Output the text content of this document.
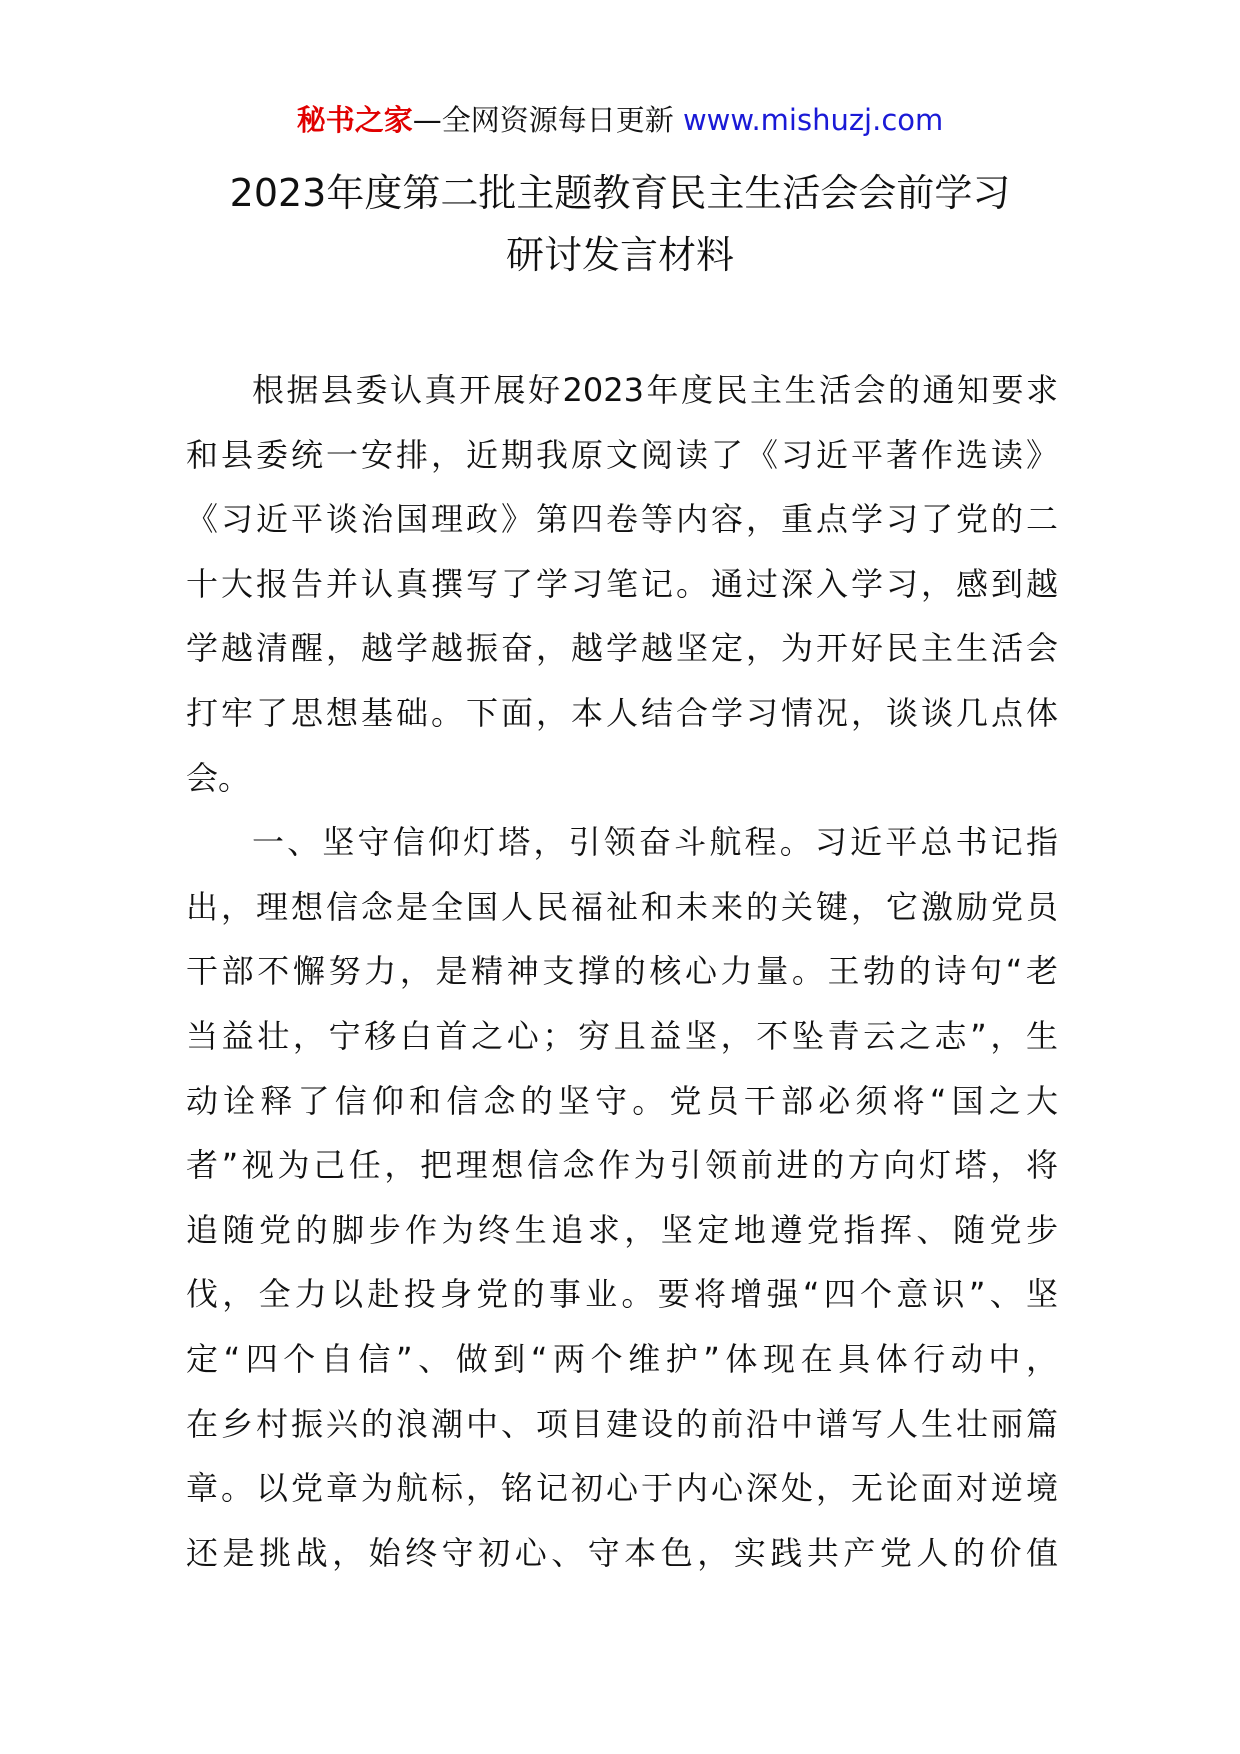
秘书之家—全网资源每日更新 www.mishuzj.com
2023年度第二批主题教育民主生活会会前学习
研讨发言材料
根据县委认真开展好2023年度民主生活会的通知要求
和县委统一安排，近期我原文阅读了《习近平著作选读》
《习近平谈治国理政》第四卷等内容，重点学习了党的二
十大报告并认真撰写了学习笔记。通过深入学习，感到越
学越清醒，越学越振奋，越学越坚定，为开好民主生活会
打牢了思想基础。下面，本人结合学习情况，谈谈几点体
会。
一、坚守信仰灯塔，引领奋斗航程。习近平总书记指
出，理想信念是全国人民福祉和未来的关键，它激励党员
干部不懈努力，是精神支撑的核心力量。王勃的诗句“老
当益壮，宁移白首之心；穷且益坚，不坠青云之志”，生
动诠释了信仰和信念的坚守。党员干部必须将“国之大
者”视为己任，把理想信念作为引领前进的方向灯塔，将
追随党的脚步作为终生追求，坚定地遵党指挥、随党步
伐，全力以赴投身党的事业。要将增强“四个意识”、坚
定“四个自信”、做到“两个维护”体现在具体行动中，
在乡村振兴的浪潮中、项目建设的前沿中谱写人生壮丽篇
章。以党章为航标，铭记初心于内心深处，无论面对逆境
还是挑战，始终守初心、守本色，实践共产党人的价值
